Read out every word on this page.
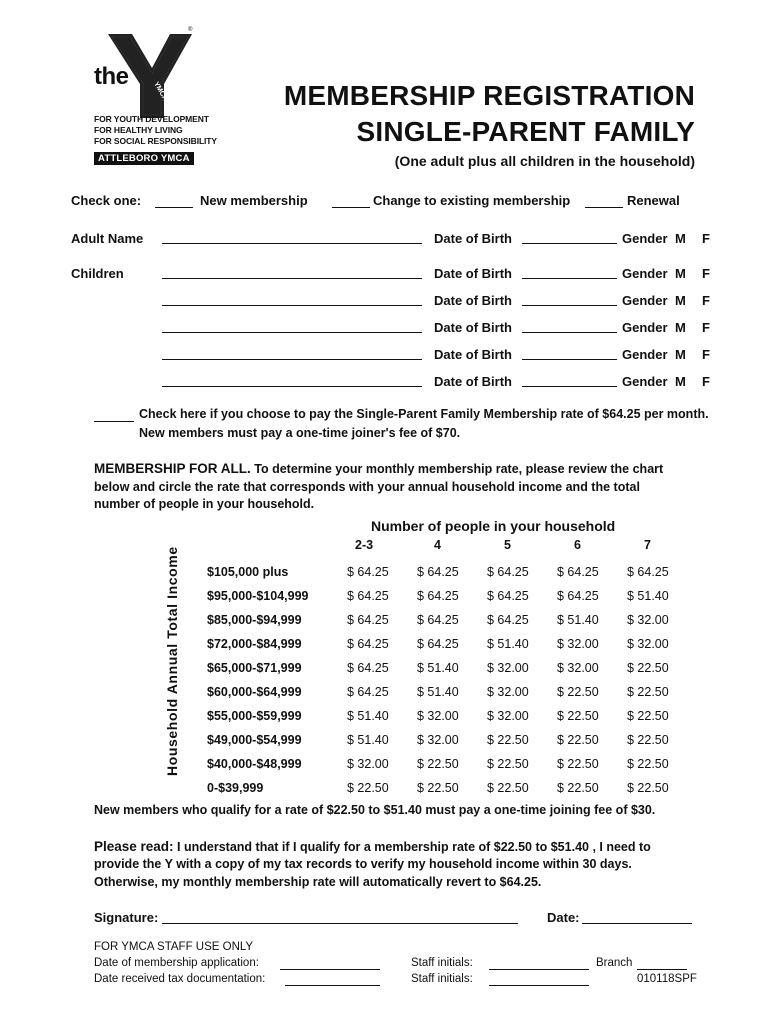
®
the
YMCA
FOR YOUTH DEVELOPMENT
FOR HEALTHY LIVING
FOR SOCIAL RESPONSIBILITY
ATTLEBORO YMCA
MEMBERSHIP REGISTRATION
SINGLE-PARENT FAMILY
(One adult plus all children in the household)
Check one:	New membership	Change to existing membership	Renewal
Adult Name	Date of Birth	Gender M F
Children	Date of Birth	Gender M F
Date of Birth	Gender M F
Date of Birth	Gender M F
Date of Birth	Gender M F
Date of Birth	Gender M F
Check here if you choose to pay the Single-Parent Family Membership rate of $64.25 per month.
New members must pay a one-time joiner's fee of $70.
MEMBERSHIP FOR ALL. To determine your monthly membership rate, please review the chart
below and circle the rate that corresponds with your annual household income and the total
number of people in your household.
Number of people in your household
Household Annual Total Income
2-3	4	5	6	7
$105,000 plus	$ 64.25	$ 64.25	$ 64.25	$ 64.25	$ 64.25
$95,000-$104,999	$ 64.25	$ 64.25	$ 64.25	$ 64.25	$ 51.40
$85,000-$94,999	$ 64.25	$ 64.25	$ 64.25	$ 51.40	$ 32.00
$72,000-$84,999	$ 64.25	$ 64.25	$ 51.40	$ 32.00	$ 32.00
$65,000-$71,999	$ 64.25	$ 51.40	$ 32.00	$ 32.00	$ 22.50
$60,000-$64,999	$ 64.25	$ 51.40	$ 32.00	$ 22.50	$ 22.50
$55,000-$59,999	$ 51.40	$ 32.00	$ 32.00	$ 22.50	$ 22.50
$49,000-$54,999	$ 51.40	$ 32.00	$ 22.50	$ 22.50	$ 22.50
$40,000-$48,999	$ 32.00	$ 22.50	$ 22.50	$ 22.50	$ 22.50
0-$39,999	$ 22.50	$ 22.50	$ 22.50	$ 22.50	$ 22.50
New members who qualify for a rate of $22.50 to $51.40 must pay a one-time joining fee of $30.
Please read: I understand that if I qualify for a membership rate of $22.50 to $51.40 , I need to
provide the Y with a copy of my tax records to verify my household income within 30 days.
Otherwise, my monthly membership rate will automatically revert to $64.25.
Signature:	Date:
FOR YMCA STAFF USE ONLY
Date of membership application:
Date received tax documentation:
Staff initials:
Staff initials:
Branch
010118SPF
